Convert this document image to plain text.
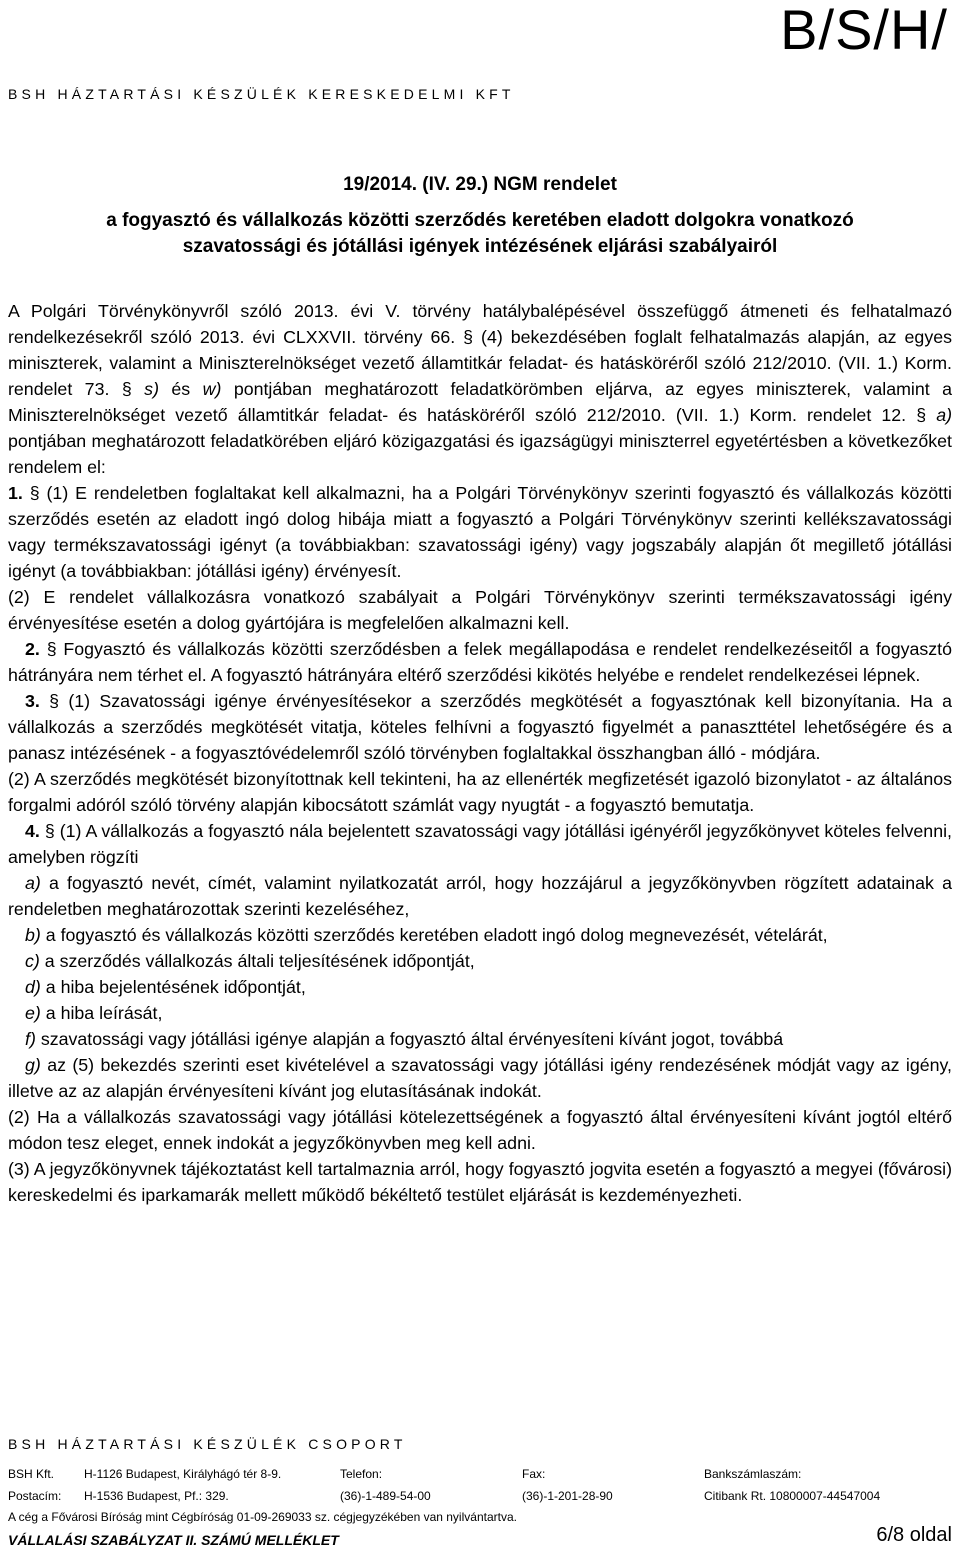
B/S/H/
BSH HÁZTARTÁSI KÉSZÜLÉK KERESKEDELMI KFT
19/2014. (IV. 29.) NGM rendelet
a fogyasztó és vállalkozás közötti szerződés keretében eladott dolgokra vonatkozó szavatossági és jótállási igények intézésének eljárási szabályairól

A Polgári Törvénykönyvről szóló 2013. évi V. törvény hatálybalépésével összefüggő átmeneti és felhatalmazó rendelkezésekről szóló 2013. évi CLXXVII. törvény 66. § (4) bekezdésében foglalt felhatalmazás alapján, az egyes miniszterek, valamint a Miniszterelnökséget vezető államtitkár feladat- és hatásköréről szóló 212/2010. (VII. 1.) Korm. rendelet 73. § s) és w) pontjában meghatározott feladatkörömben eljárva, az egyes miniszterek, valamint a Miniszterelnökséget vezető államtitkár feladat- és hatásköréről szóló 212/2010. (VII. 1.) Korm. rendelet 12. § a) pontjában meghatározott feladatkörében eljáró közigazgatási és igazságügyi miniszterrel egyetértésben a következőket rendelem el:

1. § (1) E rendeletben foglaltakat kell alkalmazni, ha a Polgári Törvénykönyv szerinti fogyasztó és vállalkozás közötti szerződés esetén az eladott ingó dolog hibája miatt a fogyasztó a Polgári Törvénykönyv szerinti kellékszavatossági vagy termékszavatossági igényt (a továbbiakban: szavatossági igény) vagy jogszabály alapján őt megillető jótállási igényt (a továbbiakban: jótállási igény) érvényesít.

(2) E rendelet vállalkozásra vonatkozó szabályait a Polgári Törvénykönyv szerinti termékszavatossági igény érvényesítése esetén a dolog gyártójára is megfelelően alkalmazni kell.

2. § Fogyasztó és vállalkozás közötti szerződésben a felek megállapodása e rendelet rendelkezéseitől a fogyasztó hátrányára nem térhet el. A fogyasztó hátrányára eltérő szerződési kikötés helyébe e rendelet rendelkezései lépnek.

3. § (1) Szavatossági igénye érvényesítésekor a szerződés megkötését a fogyasztónak kell bizonyítania. Ha a vállalkozás a szerződés megkötését vitatja, köteles felhívni a fogyasztó figyelmét a panaszttétel lehetőségére és a panasz intézésének - a fogyasztóvédelemről szóló törvényben foglaltakkal összhangban álló - módjára.

(2) A szerződés megkötését bizonyítottnak kell tekinteni, ha az ellenérték megfizetését igazoló bizonylatot - az általános forgalmi adóról szóló törvény alapján kibocsátott számlát vagy nyugtát - a fogyasztó bemutatja.

4. § (1) A vállalkozás a fogyasztó nála bejelentett szavatossági vagy jótállási igényéről jegyzőkönyvet köteles felvenni, amelyben rögzíti

a) a fogyasztó nevét, címét, valamint nyilatkozatát arról, hogy hozzájárul a jegyzőkönyvben rögzített adatainak a rendeletben meghatározottak szerinti kezeléséhez,

b) a fogyasztó és vállalkozás közötti szerződés keretében eladott ingó dolog megnevezését, vételárát,

c) a szerződés vállalkozás általi teljesítésének időpontját,

d) a hiba bejelentésének időpontját,

e) a hiba leírását,

f) szavatossági vagy jótállási igénye alapján a fogyasztó által érvényesíteni kívánt jogot, továbbá

g) az (5) bekezdés szerinti eset kivételével a szavatossági vagy jótállási igény rendezésének módját vagy az igény, illetve az az alapján érvényesíteni kívánt jog elutasításának indokát.

(2) Ha a vállalkozás szavatossági vagy jótállási kötelezettségének a fogyasztó által érvényesíteni kívánt jogtól eltérő módon tesz eleget, ennek indokát a jegyzőkönyvben meg kell adni.

(3) A jegyzőkönyvnek tájékoztatást kell tartalmaznia arról, hogy fogyasztó jogvita esetén a fogyasztó a megyei (fővárosi) kereskedelmi és iparkamarák mellett működő békéltető testület eljárását is kezdeményezheti.

BSH HÁZTARTÁSI KÉSZÜLÉK CSOPORT
BSH Kft. H-1126 Budapest, Királyhágó tér 8-9.	Telefon:	Fax:	Bankszámlaszám:
Postacím: H-1536 Budapest, Pf.: 329.	(36)-1-489-54-00	(36)-1-201-28-90	Citibank Rt. 10800007-44547004
A cég a Fővárosi Bíróság mint Cégbíróság 01-09-269033 sz. cégjegyzékében van nyilvántartva.
VÁLLALÁSI SZABÁLYZAT II. SZÁMÚ MELLÉKLET	6/8 oldal
